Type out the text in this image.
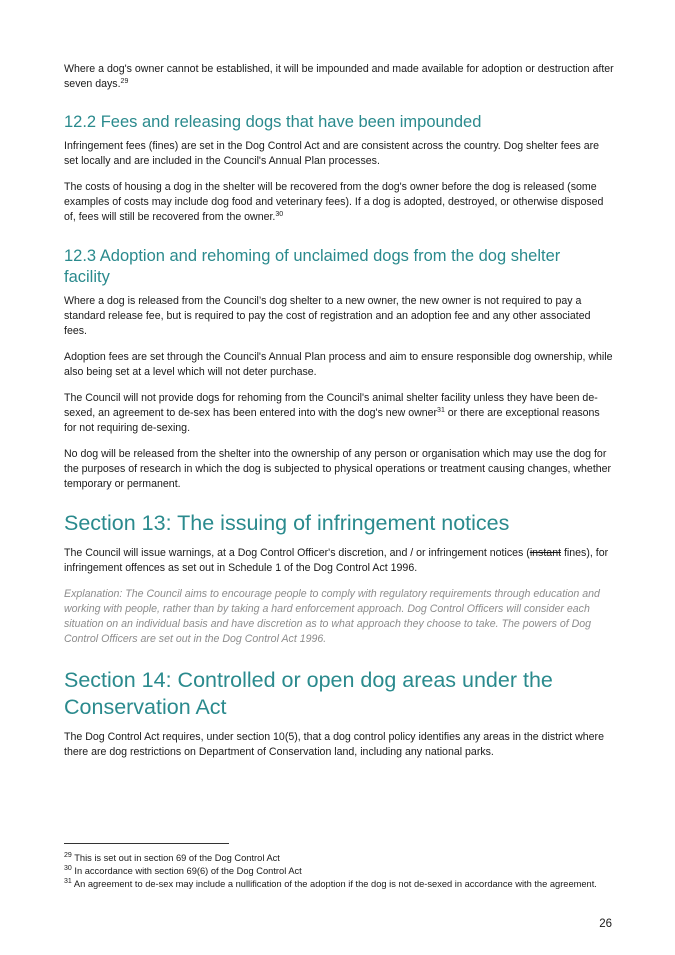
Where a dog's owner cannot be established, it will be impounded and made available for adoption or destruction after seven days.$^{29}$

12.2 Fees and releasing dogs that have been impounded

Infringement fees (fines) are set in the Dog Control Act and are consistent across the country. Dog shelter fees are set locally and are included in the Council's Annual Plan processes.

The costs of housing a dog in the shelter will be recovered from the dog's owner before the dog is released (some examples of costs may include dog food and veterinary fees). If a dog is adopted, destroyed, or otherwise disposed of, fees will still be recovered from the owner.$^{30}$

12.3 Adoption and rehoming of unclaimed dogs from the dog shelter
facility

Where a dog is released from the Council’s dog shelter to a new owner, the new owner is not required to pay a standard release fee, but is required to pay the cost of registration and an adoption fee and any other associated fees.

Adoption fees are set through the Council's Annual Plan process and aim to ensure responsible dog ownership, while also being set at a level which will not deter purchase.

The Council will not provide dogs for rehoming from the Council's animal shelter facility unless they have been de-sexed, an agreement to de-sex has been entered into with the dog's new owner$^{31}$ or there are exceptional reasons for not requiring de-sexing.

No dog will be released from the shelter into the ownership of any person or organisation which may use the dog for the purposes of research in which the dog is subjected to physical operations or treatment causing changes, whether temporary or permanent.

Section 13: The issuing of infringement notices

The Council will issue warnings, at a Dog Control Officer's discretion, and / or infringement notices (instant fines), for infringement offences as set out in Schedule 1 of the Dog Control Act 1996.

Explanation: The Council aims to encourage people to comply with regulatory requirements through education and working with people, rather than by taking a hard enforcement approach. Dog Control Officers will consider each situation on an individual basis and have discretion as to what approach they choose to take. The powers of Dog Control Officers are set out in the Dog Control Act 1996.

Section 14: Controlled or open dog areas under the
Conservation Act

The Dog Control Act requires, under section 10(5), that a dog control policy identifies any areas in the district where there are dog restrictions on Department of Conservation land, including any national parks.

$^{29}$ This is set out in section 69 of the Dog Control Act

$^{30}$ In accordance with section 69(6) of the Dog Control Act

$^{31}$ An agreement to de-sex may include a nullification of the adoption if the dog is not de-sexed in accordance with the agreement.

26
